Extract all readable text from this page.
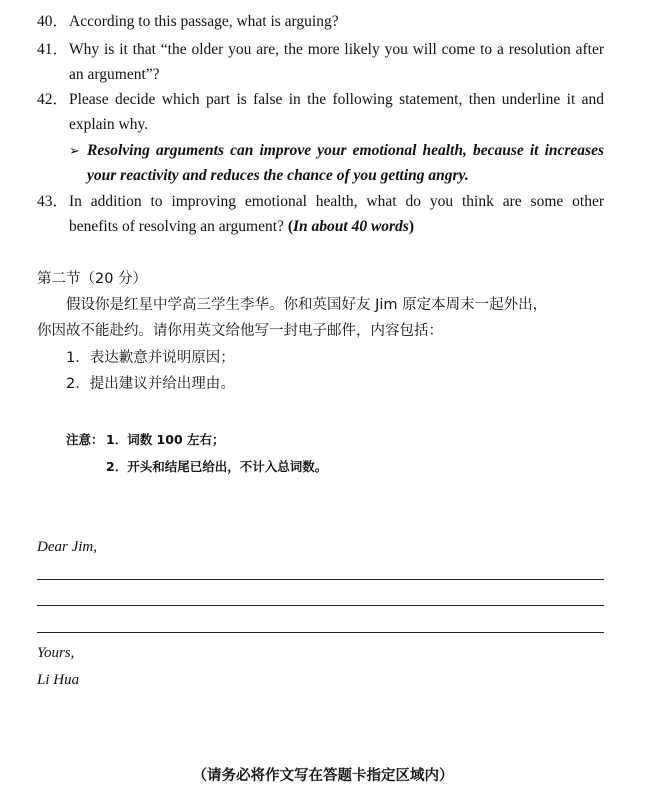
40． According to this passage, what is arguing?
41． Why is it that “the older you are, the more likely you will come to a resolution after
an argument”?
42． Please decide which part is false in the following statement, then underline it and
explain why.
➢ Resolving arguments can improve your emotional health, because it increases
your reactivity and reduces the chance of you getting angry.
43． In addition to improving emotional health, what do you think are some other
benefits of resolving an argument? (In about 40 words)
第二节（20 分）
假设你是红星中学高三学生李华。你和英国好友 Jim 原定本周末一起外出，
你因故不能赴约。请你用英文给他写一封电子邮件，内容包括：
1．表达歉意并说明原因；
2．提出建议并给出理由。
注意： 1．词数 100 左右；
2．开头和结尾已给出，不计入总词数。
Dear Jim,
Yours,
Li Hua
（请务必将作文写在答题卡指定区域内）
